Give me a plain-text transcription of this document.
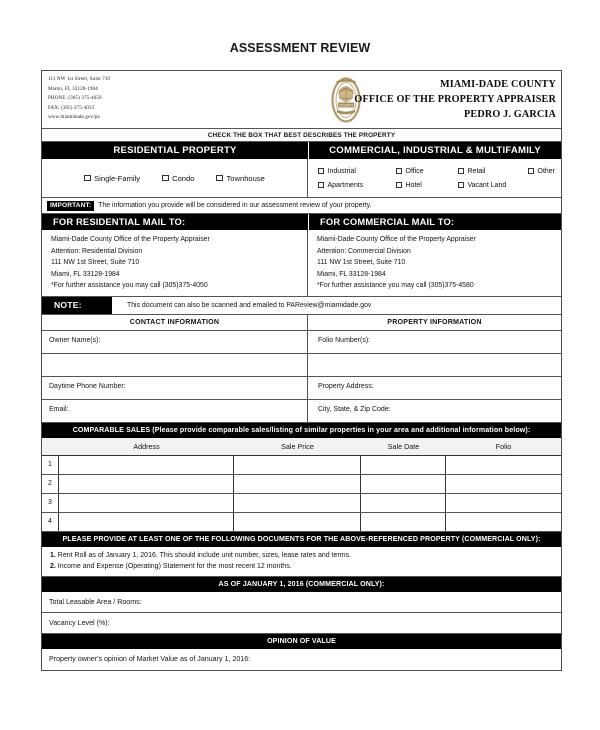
ASSESSMENT REVIEW
111 NW 1st Street, Suite 710
Miami, FL 33128-1984
PHONE: (305) 375-4050
FAX: (305) 375-4033
www.miamidade.gov/pa
COUNTY
MIAMI-DADE COUNTY
OFFICE OF THE PROPERTY APPRAISER
PEDRO J. GARCIA
CHECK THE BOX THAT BEST DESCRIBES THE PROPERTY
RESIDENTIAL PROPERTY	COMMERCIAL, INDUSTRIAL & MULTIFAMILY
Single-Family	Condo	Townhouse
Industrial	Office	Retail	Other
Apartments	Hotel	Vacant Land
IMPORTANT:	The information you provide will be considered in our assessment review of your property.
FOR RESIDENTIAL MAIL TO:	FOR COMMERCIAL MAIL TO:
Miami-Dade County Office of the Property Appraiser
Attention: Residential Division
111 NW 1st Street, Suite 710
Miami, FL 33128-1984
*For further assistance you may call (305)375-4050
Miami-Dade County Office of the Property Appraiser
Attention: Commercial Division
111 NW 1st Street, Suite 710
Miami, FL 33128-1984
*For further assistance you may call (305)375-4580
NOTE:	This document can also be scanned and emailed to PAReview@miamidade.gov
CONTACT INFORMATION	PROPERTY INFORMATION
Owner Name(s):	Folio Number(s):
Daytime Phone Number:	Property Address:
Email:	City, State, & Zip Code:
COMPARABLE SALES (Please provide comparable sales/listing of similar properties in your area and additional information below):
Address	Sale Price	Sale Date	Folio
1
2
3
4
PLEASE PROVIDE AT LEAST ONE OF THE FOLLOWING DOCUMENTS FOR THE ABOVE-REFERENCED PROPERTY (COMMERCIAL ONLY):
1. Rent Roll as of January 1, 2016. This should include unit number, sizes, lease rates and terms.
2. Income and Expense (Operating) Statement for the most recent 12 months.
AS OF JANUARY 1, 2016 (COMMERCIAL ONLY):
Total Leasable Area / Rooms:
Vacancy Level (%):
OPINION OF VALUE
Property owner's opinion of Market Value as of January 1, 2016:
